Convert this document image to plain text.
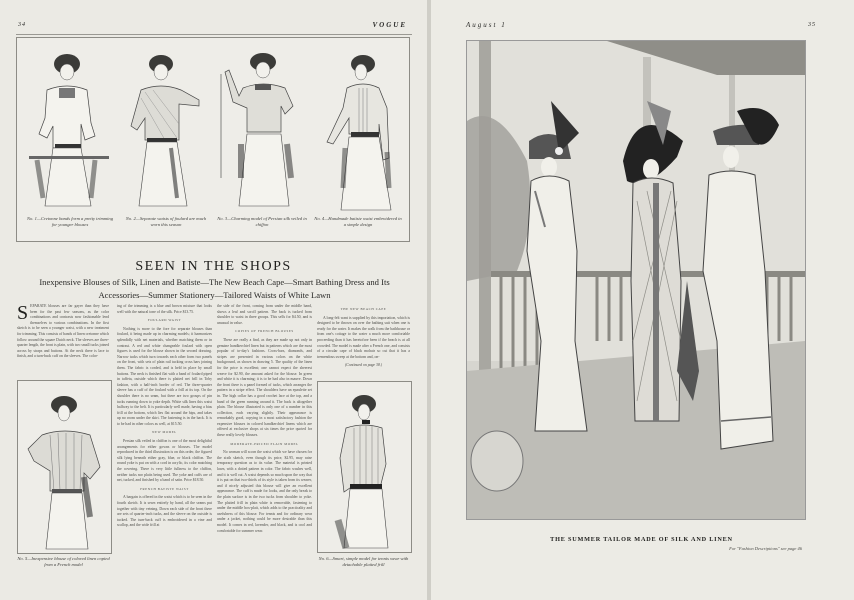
34	VOGUE
No. 1—Cretonne bands form a pretty trimming for younger blouses
No. 2—Separate waists of foulard are much worn this season
No. 3—Charming model of Persian silk veiled in chiffon
No. 4—Handmade batiste waist embroidered in a simple design
SEEN IN THE SHOPS
Inexpensive Blouses of Silk, Linen and Batiste—The New Beach Cape—Smart Bathing Dress and Its Accessories—Summer Stationery—Tailored Waists of White Lawn

SEPARATE blouses are far gayer than they have been for the past few seasons, as the color combinations and contrasts now fashionable lend themselves to various combinations. In the first sketch is to be seen a younger waist, with a new treatment for trimming. This consists of bands of linen cretonne which follow around the square Dutch neck. The sleeves are three-quarter length, the front is plain, with two small tucks joined across by straps and buttons. At the neck there is lace to finish, and a turn-back cuff on the sleeves. The color-

No. 5—Inexpensive blouse of colored linen copied from a French model

ing of the trimming is a blue and brown mixture that looks well with the natural tone of the silk. Price $13.75.

FOULARD WAIST

Nothing is more to the fore for separate blouses than foulard, it being made up in charming models; it harmonizes splendidly with net materials, whether matching them or in contrast. A red and white changeable foulard with open figures is used for the blouse shown in the second drawing. Narrow tucks which turn towards each other form two panels on the front, with sets of plain rail tucking cross bars joining them. The fabric is corded, and is held in place by small buttons. The neck is finished flat with a band of foulard piped in taffeta, outside which there is plaited net frill in Toby fashion, with a half-inch border of red. The three-quarter sleeve has a cuff of the foulard with a frill at its top. On the shoulder there is no seam, but there are two groups of pin tucks running down to yoke depth. White silk lines this waist halfway to the belt. It is particularly well made, having a bias frill at the bottom, which lies flat around the hips, and takes up no room under the skirt. The fastening is in the back. It is to be had in other colors as well, at $15.50.

NEW MODEL

Persian silk veiled in chiffon is one of the most delightful arrangements for either gowns or blouses. The model reproduced in the third illustration is on this order, the figured silk lying beneath either gray, blue, or black chiffon. The round yoke is put on with a cord in acrylic, its color matching the covering. There is very little fullness to the chiffon, neither tucks nor plaits being used. The yoke and cuffs are of net, tucked, and finished by a band of satin. Price $18.50.

FRENCH BATISTE WAIST

A bargain is offered in the waist which is to be seen in the fourth sketch. It is sewn entirely by hand, all the seams put together with tiny veining. Down each side of the front there are sets of quarter-inch tucks, and the sleeve on the outside is tucked. The turn-back cuff is embroidered in a vine and scallop, and the wide frill at

the side of the front, coming from under the middle band, shows a leaf and scroll pattern. The back is tucked from shoulder to waist in three groups. This sells for $4.50, and is unusual in value.

COPIES OF FRENCH BLOUSES

These are really a find, as they are made up not only in genuine handkerchief linen but in patterns which are the most popular of to-day's fashions. Cross-bars, diamonds, and stripes are presented in various colors on the white background, as shown in drawing 5. The quality of the linen for the price is excellent; one cannot expect the sheerest weave for $2.90, the amount asked for the blouse. In green and white it is charming; it is to be had also in mauve. Down the front there is a panel formed of tucks, which arranges the pattern in a stripe effect. The shoulders have an epaulette set in. The high collar has a good crochet lace at the top, and a band of the green running around it. The back is altogether plain. The blouse illustrated is only one of a number in this collection, each varying slightly. Their appearance is remarkably good, copying in a most satisfactory fashion the expensive blouses in colored handkerchief linens which are offered at exclusive shops at six times the price quoted for these really lovely blouses.

MODERATE-PRICED PLAIN MODEL

No woman will scorn the waist which we have chosen for the sixth sketch, even though its price, $2.95, may raise temporary question as to its value. The material is printed lawn, with a dotted pattern in color. The fabric washes well, and it is well cut. A waist depends so much upon the way that it is put on that two-thirds of its style is taken from its wearer, and if nicely adjusted this blouse will give an excellent appearance. The cuff is made for looks, and the only break to the plain surface is in the two tucks from shoulder to yoke. The plaited frill in plain white is removable, fastening to under the middle box-plait, which adds to the practicality and usefulness of this blouse. For tennis and for ordinary wear under a jacket, nothing could be more desirable than this model. It comes in red, lavender, and black, and is cool and comfortable for summer wear.

THE NEW BEACH CAPE

A long-felt want is supplied by this importation, which is designed to be thrown on over the bathing suit when one is ready for the water. It makes the walk from the bathhouse or from one's cottage to the water a much more comfortable proceeding than it has heretofore been if the beach is at all crowded. The model is made after a French one, and consists of a circular cape of black mohair so cut that it has a tremendous sweep at the bottom and, on-

(Continued on page 38.)

No. 6—Smart, simple model for tennis wear with detachable plaited frill
August 1	35
THE SUMMER TAILOR MADE OF SILK AND LINEN
For "Fashion Descriptions" see page 46
